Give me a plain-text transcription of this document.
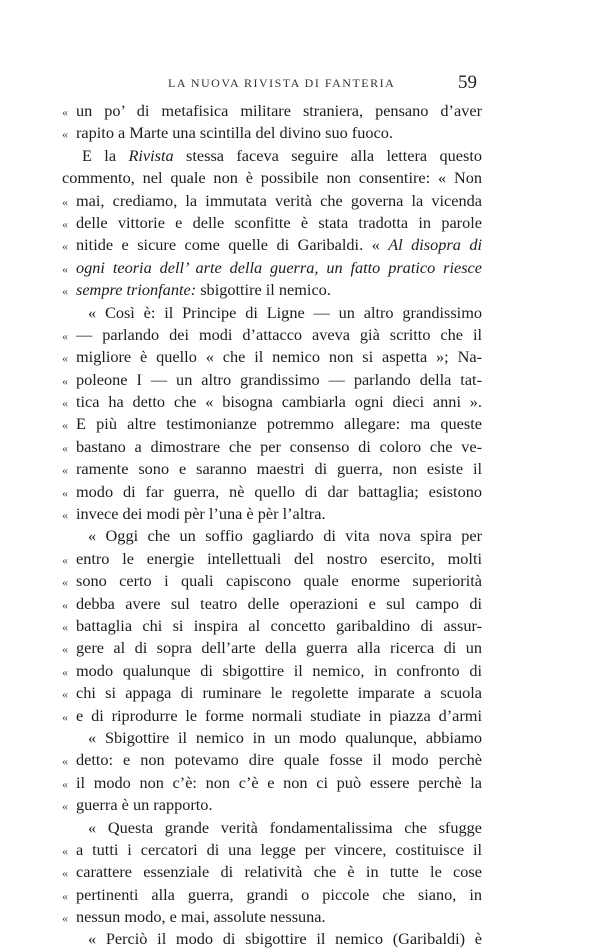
LA NUOVA RIVISTA DI FANTERIA	59
« un po’ di metafisica militare straniera, pensano d’aver
« rapito a Marte una scintilla del divino suo fuoco.
E la Rivista stessa faceva seguire alla lettera questo
commento, nel quale non è possibile non consentire: « Non
« mai, crediamo, la immutata verità che governa la vicenda
« delle vittorie e delle sconfitte è stata tradotta in parole
« nitide e sicure come quelle di Garibaldi. « Al disopra di
« ogni teoria dell’ arte della guerra, un fatto pratico riesce
« sempre trionfante: sbigottire il nemico.
« Così è: il Principe di Ligne — un altro grandissimo
« — parlando dei modi d’attacco aveva già scritto che il
« migliore è quello « che il nemico non si aspetta »; Na-
« poleone I — un altro grandissimo — parlando della tat-
« tica ha detto che « bisogna cambiarla ogni dieci anni ».
« E più altre testimonianze potremmo allegare: ma queste
« bastano a dimostrare che per consenso di coloro che ve-
« ramente sono e saranno maestri di guerra, non esiste il
« modo di far guerra, nè quello di dar battaglia; esistono
« invece dei modi pèr l’una è pèr l’altra.
« Oggi che un soffio gagliardo di vita nova spira per
« entro le energie intellettuali del nostro esercito, molti
« sono certo i quali capiscono quale enorme superiorità
« debba avere sul teatro delle operazioni e sul campo di
« battaglia chi si inspira al concetto garibaldino di assur-
« gere al di sopra dell’arte della guerra alla ricerca di un
« modo qualunque di sbigottire il nemico, in confronto di
« chi si appaga di ruminare le regolette imparate a scuola
« e di riprodurre le forme normali studiate in piazza d’armi
« Sbigottire il nemico in un modo qualunque, abbiamo
« detto: e non potevamo dire quale fosse il modo perchè
« il modo non c’è: non c’è e non ci può essere perchè la
« guerra è un rapporto.
« Questa grande verità fondamentalissima che sfugge
« a tutti i cercatori di una legge per vincere, costituisce il
« carattere essenziale di relatività che è in tutte le cose
« pertinenti alla guerra, grandi o piccole che siano, in
« nessun modo, e mai, assolute nessuna.
« Perciò il modo di sbigottire il nemico (Garibaldi) è
